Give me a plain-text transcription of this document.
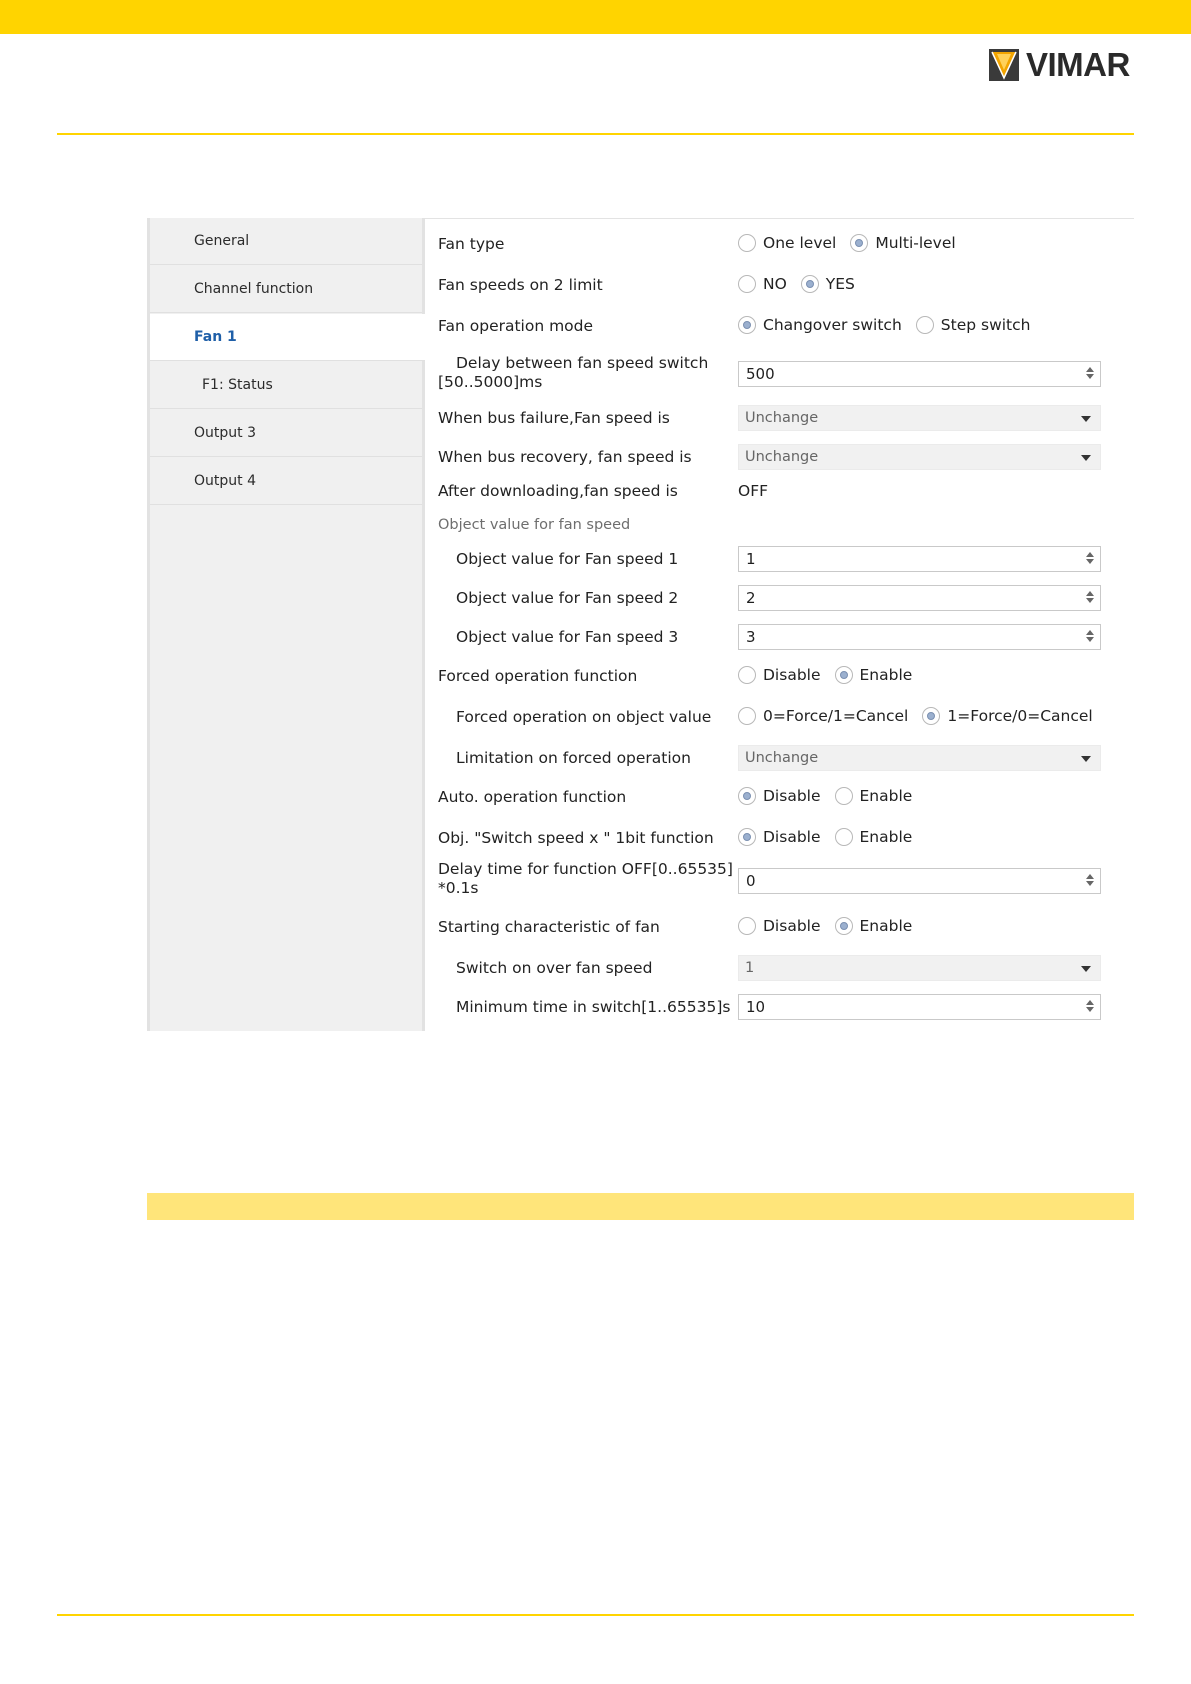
VIMAR
General
Channel function
Fan 1
F1: Status
Output 3
Output 4
Fan type	One level	Multi-level
Fan speeds on 2 limit	NO	YES
Fan operation mode	Changover switch	Step switch
Delay between fan speed switch
[50..5000]ms	500
When bus failure,Fan speed is	Unchange
When bus recovery, fan speed is	Unchange
After downloading,fan speed is	OFF
Object value for fan speed
Object value for Fan speed 1	1
Object value for Fan speed 2	2
Object value for Fan speed 3	3
Forced operation function	Disable	Enable
Forced operation on object value	0=Force/1=Cancel	1=Force/0=Cancel
Limitation on forced operation	Unchange
Auto. operation function	Disable	Enable
Obj. "Switch speed x " 1bit function	Disable	Enable
Delay time for function OFF[0..65535]
*0.1s	0
Starting characteristic of fan	Disable	Enable
Switch on over fan speed	1
Minimum time in switch[1..65535]s	10
